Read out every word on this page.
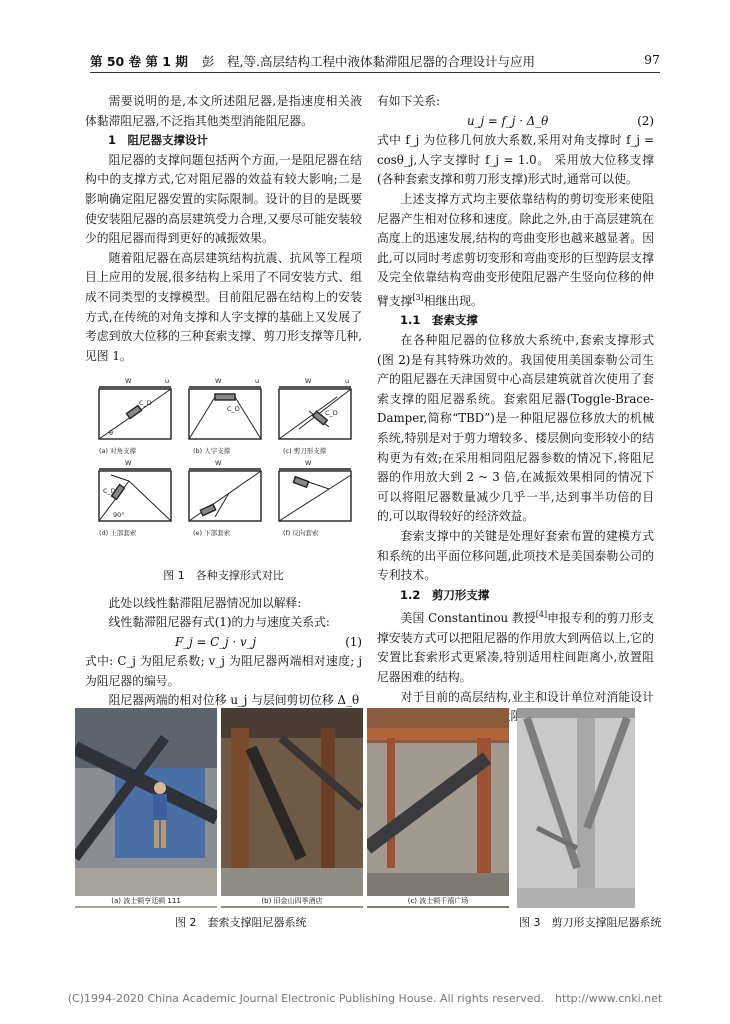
第 50 卷 第 1 期 彭　程,等.高层结构工程中液体黏滞阻尼器的合理设计与应用	97

需要说明的是,本文所述阻尼器,是指速度相关液体黏滞阻尼器,不泛指其他类型消能阻尼器。

1　阻尼器支撑设计

阻尼器的支撑问题包括两个方面,一是阻尼器在结构中的支撑方式,它对阻尼器的效益有较大影响;二是影响确定阻尼器安置的实际限制。设计的目的是既要使安装阻尼器的高层建筑受力合理,又要尽可能安装较少的阻尼器而得到更好的减振效果。

随着阻尼器在高层建筑结构抗震、抗风等工程项目上应用的发展,很多结构上采用了不同安装方式、组成不同类型的支撑模型。目前阻尼器在结构上的安装方式,在传统的对角支撑和人字支撑的基础上又发展了考虑到放大位移的三种套索支撑、剪刀形支撑等几种,见图 1。

W	W	W
W	W	W
u	u	u
θ
C_D
C_D	C_D
C_D
90°
(a) 对角支撑	(b) 人字支撑	(c) 剪刀形支撑
(d) 上部套索	(e) 下部套索	(f) 反向套索
图 1　各种支撑形式对比

此处以线性黏滞阻尼器情况加以解释:

线性黏滞阻尼器有式(1)的力与速度关系式:

F_j = C_j · v_j	(1)

式中: C_j 为阻尼系数; v_j 为阻尼器两端相对速度; j 为阻尼器的编号。

阻尼器两端的相对位移 u_j 与层间剪切位移 Δ_θ

有如下关系:

u_j = f_j · Δ_θ	(2)

式中 f_j 为位移几何放大系数,采用对角支撑时 f_j = cosθ_j,人字支撑时 f_j = 1.0。 采用放大位移支撑(各种套索支撑和剪刀形支撑)形式时,通常可以使。

上述支撑方式均主要依靠结构的剪切变形来使阻尼器产生相对位移和速度。除此之外,由于高层建筑在高度上的迅速发展,结构的弯曲变形也越来越显著。因此,可以同时考虑剪切变形和弯曲变形的巨型跨层支撑及完全依靠结构弯曲变形使阻尼器产生竖向位移的伸臂支撑[3]相继出现。

1.1　套索支撑

在各种阻尼器的位移放大系统中,套索支撑形式(图 2)是有其特殊功效的。我国使用美国泰勒公司生产的阻尼器在天津国贸中心高层建筑就首次使用了套索支撑的阻尼器系统。套索阻尼器(Toggle-Brace-Damper,简称“TBD”)是一种阻尼器位移放大的机械系统,特别是对于剪力增较多、楼层侧向变形较小的结构更为有效;在采用相同阻尼器参数的情况下,将阻尼器的作用放大到 2 ~ 3 倍,在减振效果相同的情况下可以将阻尼器数量减少几乎一半,达到事半功倍的目的,可以取得较好的经济效益。

套索支撑中的关键是处理好套索布置的建模方式和系统的出平面位移问题,此项技术是美国泰勒公司的专利技术。

1.2　剪刀形支撑

美国 Constantinou 教授[4]申报专利的剪刀形支撑安装方式可以把阻尼器的作用放大到两倍以上,它的安置比套索形式更紧凑,特别适用柱间距离小,放置阻尼器困难的结构。

对于目前的高层结构,业主和设计单位对消能设计 布置阻尼器

(a) 波士顿亨廷顿 111	(b) 旧金山四季酒店	(c) 波士顿千禧广场
图 2　套索支撑阻尼器系统	图 3　剪刀形支撑阻尼器系统
(C)1994-2020 China Academic Journal Electronic Publishing House. All rights reserved.　http://www.cnki.net
